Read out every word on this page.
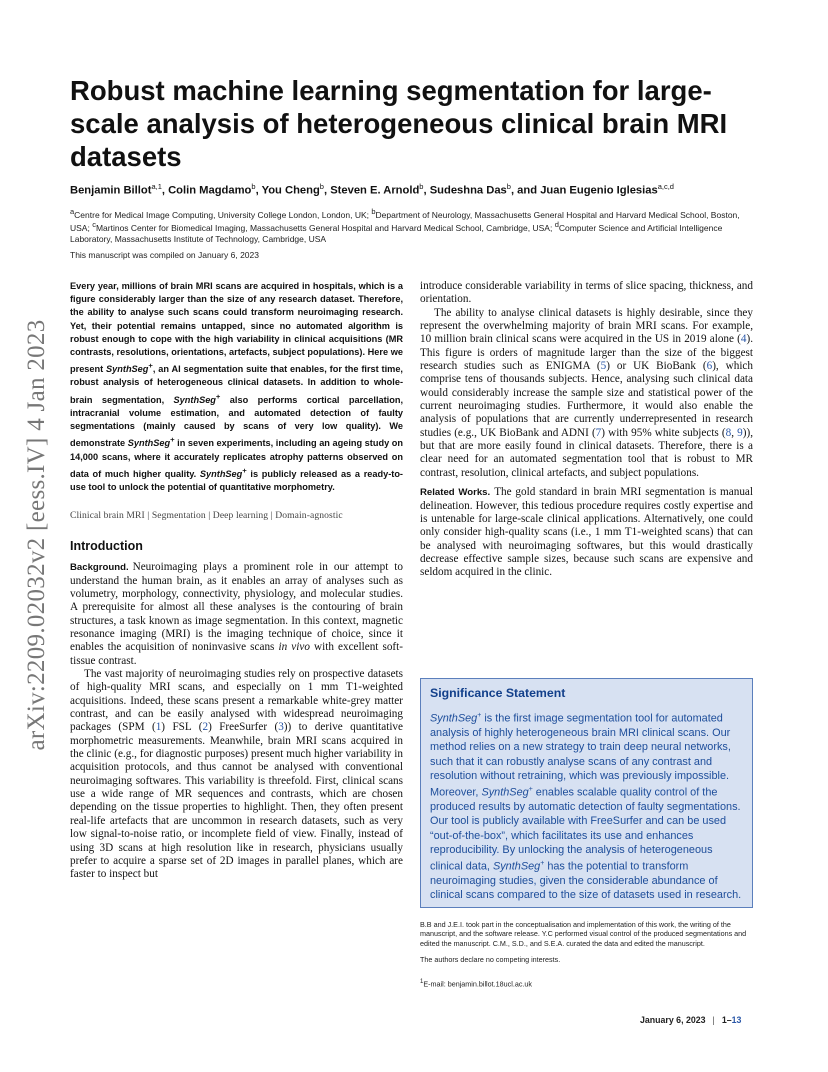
arXiv:2209.02032v2 [eess.IV] 4 Jan 2023
Robust machine learning segmentation for large-scale analysis of heterogeneous clinical brain MRI datasets
Benjamin Billot$^{a,1}$, Colin Magdamo$^b$, You Cheng$^b$, Steven E. Arnold$^b$, Sudeshna Das$^b$, and Juan Eugenio Iglesias$^{a,c,d}$
$^a$Centre for Medical Image Computing, University College London, London, UK; $^b$Department of Neurology, Massachusetts General Hospital and Harvard Medical School, Boston, USA; $^c$Martinos Center for Biomedical Imaging, Massachusetts General Hospital and Harvard Medical School, Cambridge, USA; $^d$Computer Science and Artificial Intelligence Laboratory, Massachusetts Institute of Technology, Cambridge, USA
This manuscript was compiled on January 6, 2023
Every year, millions of brain MRI scans are acquired in hospitals, which is a figure considerably larger than the size of any research dataset. Therefore, the ability to analyse such scans could transform neuroimaging research. Yet, their potential remains untapped, since no automated algorithm is robust enough to cope with the high variability in clinical acquisitions (MR contrasts, resolutions, orientations, artefacts, subject populations). Here we present SynthSeg+, an AI segmentation suite that enables, for the first time, robust analysis of heterogeneous clinical datasets. In addition to whole-brain segmentation, SynthSeg+ also performs cortical parcellation, intracranial volume estimation, and automated detection of faulty segmentations (mainly caused by scans of very low quality). We demonstrate SynthSeg+ in seven experiments, including an ageing study on 14,000 scans, where it accurately replicates atrophy patterns observed on data of much higher quality. SynthSeg+ is publicly released as a ready-to-use tool to unlock the potential of quantitative morphometry.
Clinical brain MRI | Segmentation | Deep learning | Domain-agnostic
Introduction
Background. Neuroimaging plays a prominent role in our attempt to understand the human brain, as it enables an array of analyses such as volumetry, morphology, connectivity, physiology, and molecular studies. A prerequisite for almost all these analyses is the contouring of brain structures, a task known as image segmentation. In this context, magnetic resonance imaging (MRI) is the imaging technique of choice, since it enables the acquisition of noninvasive scans in vivo with excellent soft-tissue contrast.
The vast majority of neuroimaging studies rely on prospective datasets of high-quality MRI scans, and especially on 1 mm T1-weighted acquisitions. Indeed, these scans present a remarkable white-grey matter contrast, and can be easily analysed with widespread neuroimaging packages (SPM (1) FSL (2) FreeSurfer (3)) to derive quantitative morphometric measurements. Meanwhile, brain MRI scans acquired in the clinic (e.g., for diagnostic purposes) present much higher variability in acquisition protocols, and thus cannot be analysed with conventional neuroimaging softwares. This variability is threefold. First, clinical scans use a wide range of MR sequences and contrasts, which are chosen depending on the tissue properties to highlight. Then, they often present real-life artefacts that are uncommon in research datasets, such as very low signal-to-noise ratio, or incomplete field of view. Finally, instead of using 3D scans at high resolution like in research, physicians usually prefer to acquire a sparse set of 2D images in parallel planes, which are faster to inspect but
introduce considerable variability in terms of slice spacing, thickness, and orientation.
The ability to analyse clinical datasets is highly desirable, since they represent the overwhelming majority of brain MRI scans. For example, 10 million brain clinical scans were acquired in the US in 2019 alone (4). This figure is orders of magnitude larger than the size of the biggest research studies such as ENIGMA (5) or UK BioBank (6), which comprise tens of thousands subjects. Hence, analysing such clinical data would considerably increase the sample size and statistical power of the current neuroimaging studies. Furthermore, it would also enable the analysis of populations that are currently underrepresented in research studies (e.g., UK BioBank and ADNI (7) with 95% white subjects (8, 9)), but that are more easily found in clinical datasets. Therefore, there is a clear need for an automated segmentation tool that is robust to MR contrast, resolution, clinical artefacts, and subject populations.
Related Works. The gold standard in brain MRI segmentation is manual delineation. However, this tedious procedure requires costly expertise and is untenable for large-scale clinical applications. Alternatively, one could only consider high-quality scans (i.e., 1 mm T1-weighted scans) that can be analysed with neuroimaging softwares, but this would drastically decrease effective sample sizes, because such scans are expensive and seldom acquired in the clinic.
Significance Statement
SynthSeg+ is the first image segmentation tool for automated analysis of highly heterogeneous brain MRI clinical scans. Our method relies on a new strategy to train deep neural networks, such that it can robustly analyse scans of any contrast and resolution without retraining, which was previously impossible. Moreover, SynthSeg+ enables scalable quality control of the produced results by automatic detection of faulty segmentations. Our tool is publicly available with FreeSurfer and can be used “out-of-the-box”, which facilitates its use and enhances reproducibility. By unlocking the analysis of heterogeneous clinical data, SynthSeg+ has the potential to transform neuroimaging studies, given the considerable abundance of clinical scans compared to the size of datasets used in research.
B.B and J.E.I. took part in the conceptualisation and implementation of this work, the writing of the manuscript, and the software release. Y.C performed visual control of the produced segmentations and edited the manuscript. C.M., S.D., and S.E.A. curated the data and edited the manuscript.
The authors declare no competing interests.
$^1$E-mail: benjamin.billot.18ucl.ac.uk
January 6, 2023 | 1–13
